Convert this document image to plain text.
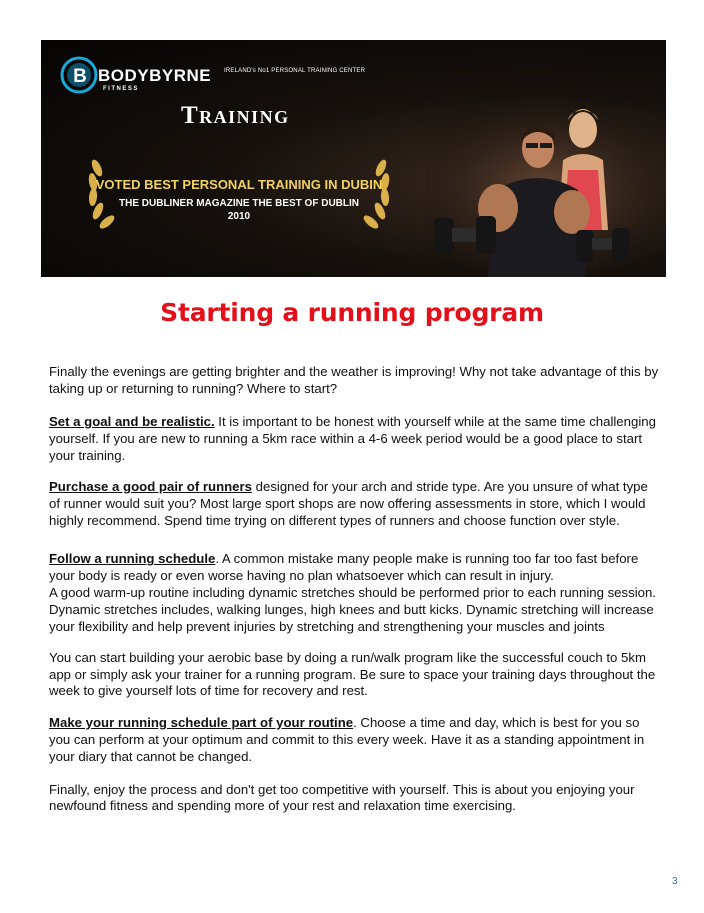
B BODYBYRNE
FITNESS
IRELAND's No1 PERSONAL TRAINING CENTER
Training
VOTED BEST PERSONAL TRAINING IN DUBIN
THE DUBLINER MAGAZINE THE BEST OF DUBLIN
2010
Starting a running program

Finally the evenings are getting brighter and the weather is improving! Why not take advantage of this by taking up or returning to running? Where to start?

Set a goal and be realistic. It is important to be honest with yourself while at the same time challenging yourself. If you are new to running a 5km race within a 4-6 week period would be a good place to start your training.

Purchase a good pair of runners designed for your arch and stride type. Are you unsure of what type of runner would suit you? Most large sport shops are now offering assessments in store, which I would highly recommend. Spend time trying on different types of runners and choose function over style.

Follow a running schedule. A common mistake many people make is running too far too fast before your body is ready or even worse having no plan whatsoever which can result in injury.

A good warm-up routine including dynamic stretches should be performed prior to each running session. Dynamic stretches includes, walking lunges, high knees and butt kicks. Dynamic stretching will increase your flexibility and help prevent injuries by stretching and strengthening your muscles and joints

You can start building your aerobic base by doing a run/walk program like the successful couch to 5km app or simply ask your trainer for a running program. Be sure to space your training days throughout the week to give yourself lots of time for recovery and rest.

Make your running schedule part of your routine. Choose a time and day, which is best for you so you can perform at your optimum and commit to this every week. Have it as a standing appointment in your diary that cannot be changed.

Finally, enjoy the process and don't get too competitive with yourself. This is about you enjoying your newfound fitness and spending more of your rest and relaxation time exercising.

3
